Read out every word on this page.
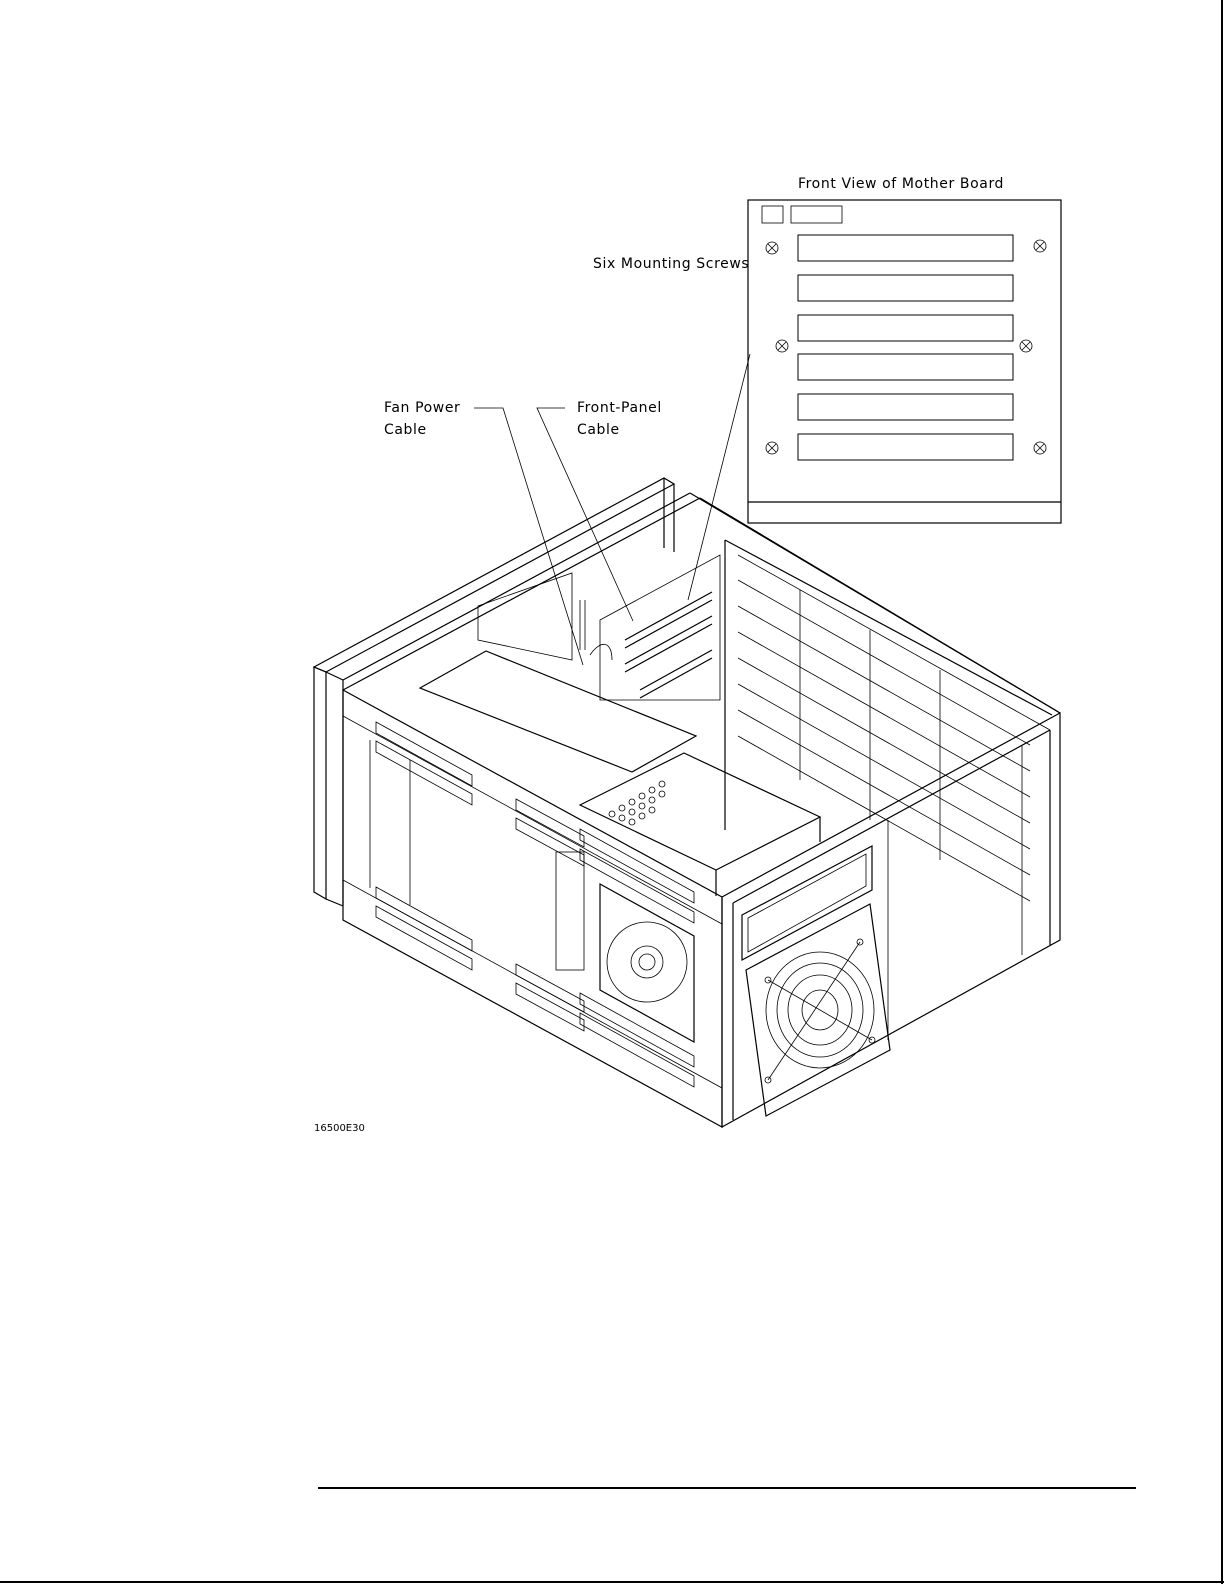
Front View of Mother Board
Six Mounting Screws
Fan Power
Cable
Front-Panel
Cable
16500E30
